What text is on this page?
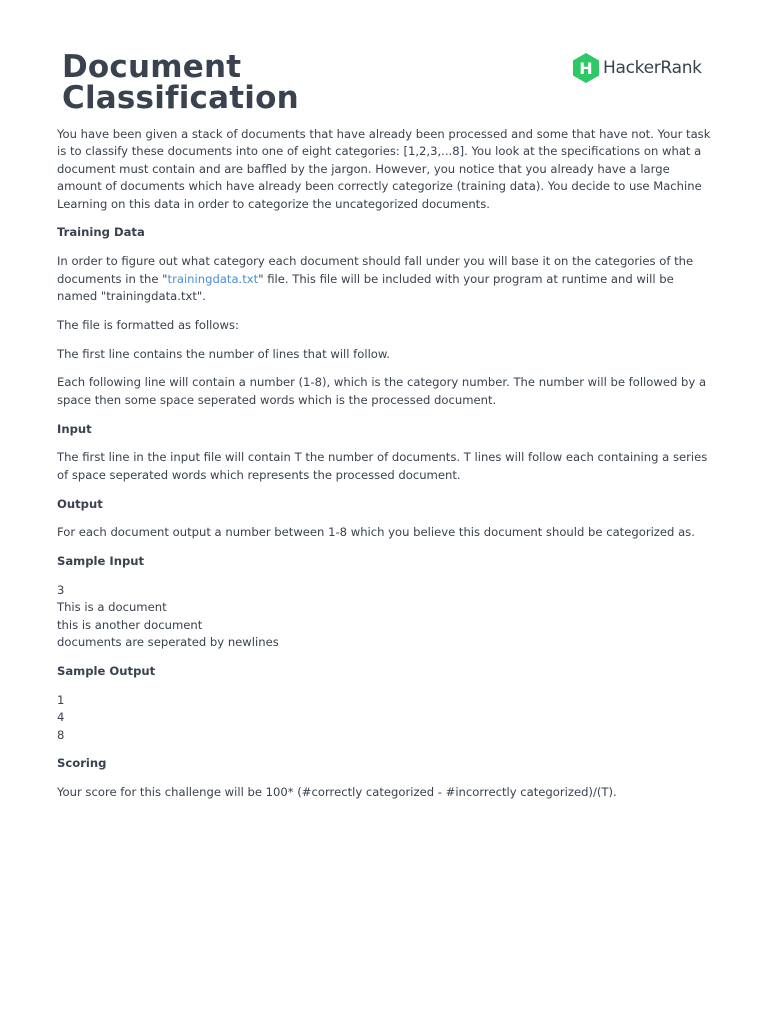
Document
Classification
H HackerRank

You have been given a stack of documents that have already been processed and some that have not. Your task is to classify these documents into one of eight categories: [1,2,3,...8]. You look at the specifications on what a document must contain and are baffled by the jargon. However, you notice that you already have a large amount of documents which have already been correctly categorize (training data). You decide to use Machine Learning on this data in order to categorize the uncategorized documents.

Training Data

In order to figure out what category each document should fall under you will base it on the categories of the documents in the "trainingdata.txt" file. This file will be included with your program at runtime and will be named "trainingdata.txt".

The file is formatted as follows:

The first line contains the number of lines that will follow.

Each following line will contain a number (1-8), which is the category number. The number will be followed by a space then some space seperated words which is the processed document.

Input

The first line in the input file will contain T the number of documents. T lines will follow each containing a series of space seperated words which represents the processed document.

Output

For each document output a number between 1-8 which you believe this document should be categorized as.

Sample Input

3
This is a document
this is another document
documents are seperated by newlines

Sample Output

1
4
8

Scoring

Your score for this challenge will be 100* (#correctly categorized - #incorrectly categorized)/(T).
